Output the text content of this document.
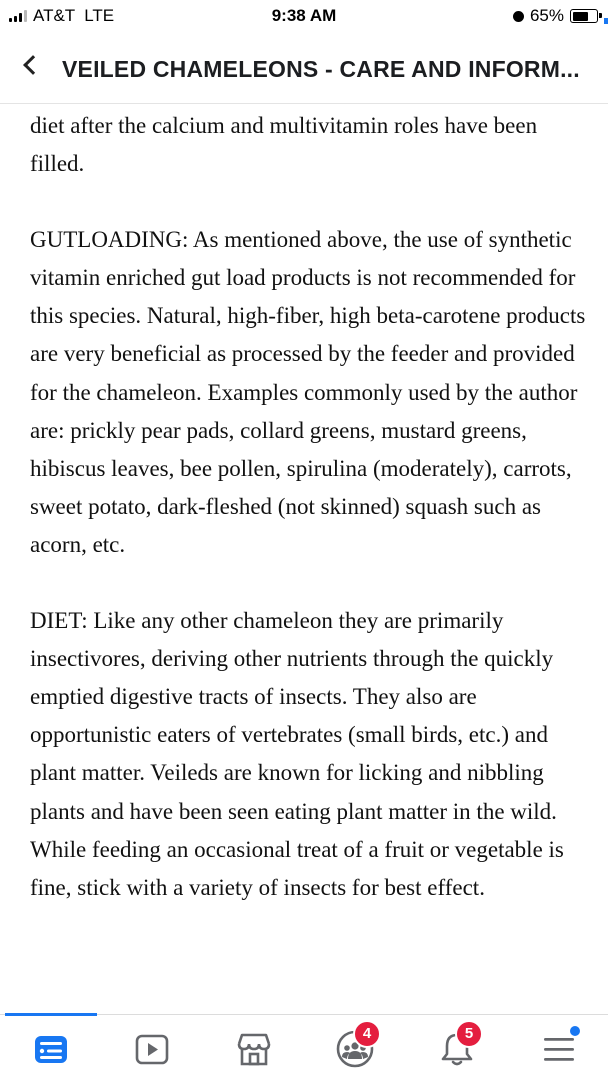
AT&T LTE	9:38 AM	65%
VEILED CHAMELEONS - CARE AND INFORM...

diet after the calcium and multivitamin roles have been filled.

GUTLOADING: As mentioned above, the use of synthetic vitamin enriched gut load products is not recommended for this species. Natural, high-fiber, high beta-carotene products are very beneficial as processed by the feeder and provided for the chameleon. Examples commonly used by the author are: prickly pear pads, collard greens, mustard greens, hibiscus leaves, bee pollen, spirulina (moderately), carrots, sweet potato, dark-fleshed (not skinned) squash such as acorn, etc.

DIET: Like any other chameleon they are primarily insectivores, deriving other nutrients through the quickly emptied digestive tracts of insects. They also are opportunistic eaters of vertebrates (small birds, etc.) and plant matter. Veileds are known for licking and nibbling plants and have been seen eating plant matter in the wild. While feeding an occasional treat of a fruit or vegetable is fine, stick with a variety of insects for best effect.

4	5
